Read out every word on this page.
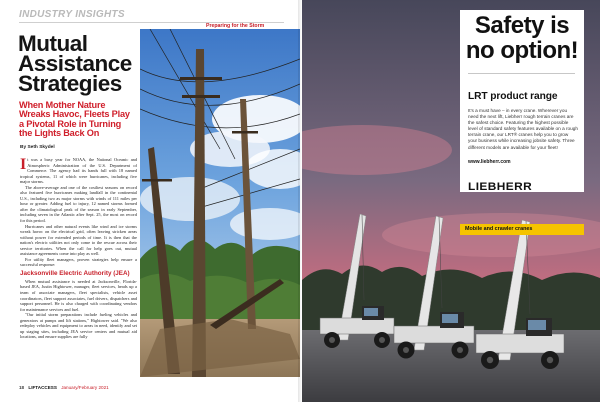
INDUSTRY INSIGHTS
Preparing for the Storm
Mutual
Assistance
Strategies
When Mother Nature
Wreaks Havoc, Fleets Play
a Pivotal Role in Turning
the Lights Back On
By Seth Skydel

It was a busy year for NOAA, the National Oceanic and Atmospheric Administration of the U.S. Department of Commerce. The agency had its hands full with 18 named tropical systems, 11 of which were hurricanes, including five major storms.

The above-average and one of the costliest seasons on record also featured five hurricanes making landfall in the continental U.S., including two as major storms with winds of 111 miles per hour or greater. Adding fuel to injury, 12 named storms formed after the climatological peak of the season in early September, including seven in the Atlantic after Sept. 25, the most on record for this period.

Hurricanes and other natural events like wind and ice storms wreak havoc on the electrical grid, often leaving stricken areas without power for extended periods of time. It is then that the nation's electric utilities not only come to the rescue across their service territories. When the call for help goes out, mutual assistance agreements come into play as well.

For utility fleet managers, proven strategies help ensure a successful response:

Jacksonville Electric Authority (JEA)

When mutual assistance is needed at Jacksonville, Florida-based JEA, Justin Hightower, manager, fleet services, heads up a team of associate managers, fleet specialists, vehicle asset coordinators, fleet support associates, fuel drivers, dispatchers and support personnel. He is also charged with coordinating vendors for maintenance services and fuel.

"Our initial storm preparations include fueling vehicles and generators at pumps and lift stations," Hightower said. "We also redeploy vehicles and equipment to areas in need, identify and set up staging sites, including JEA service centers and mutual aid locations, and ensure supplies are fully

18 LIFTACCESS January/February 2021
Safety is
no option!
LRT product range
It's a must have – in every crane. Wherever you need the next lift, Liebherr rough terrain cranes are the safest choice. Featuring the highest possible level of standard safety features available on a rough terrain crane, our LRT® cranes help you to grow your business while increasing jobsite safety. Three different models are available for your fleet!
www.liebherr.com
LIEBHERR
Mobile and crawler cranes
